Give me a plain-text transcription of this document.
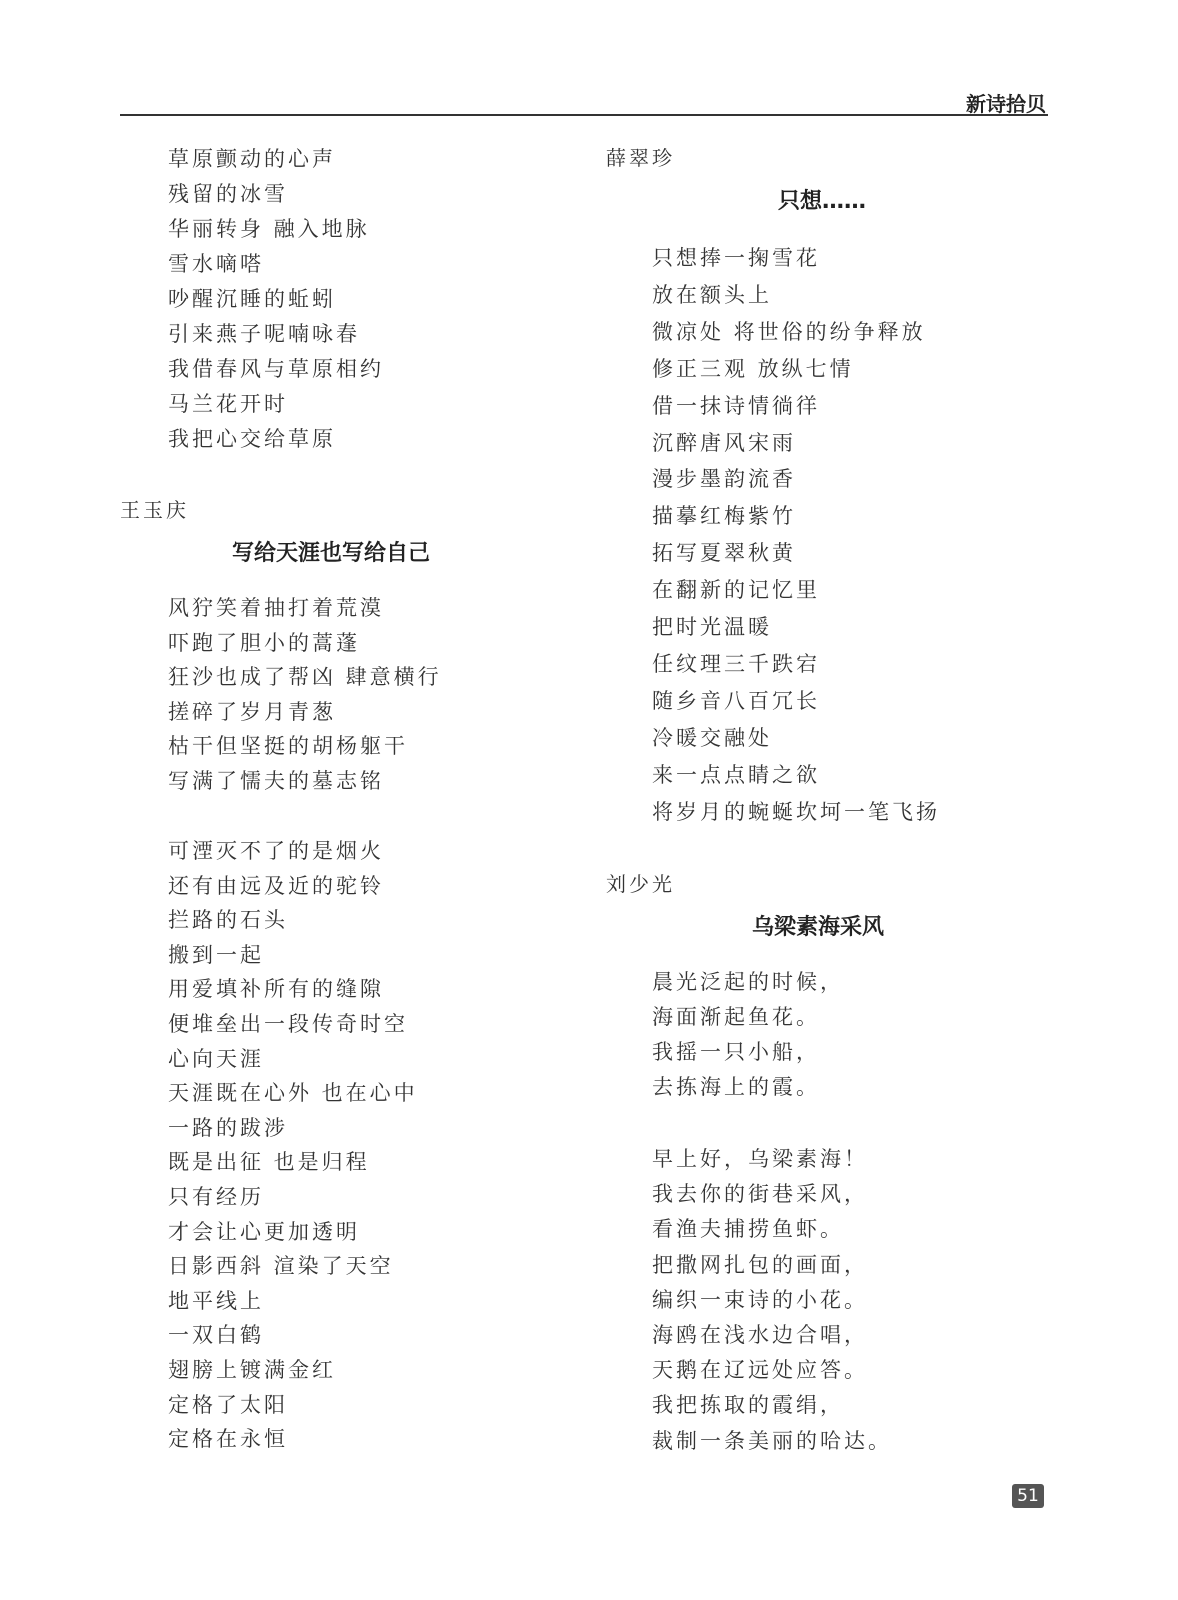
新诗拾贝
草原颤动的心声
残留的冰雪
华丽转身 融入地脉
雪水嘀嗒
吵醒沉睡的蚯蚓
引来燕子呢喃咏春
我借春风与草原相约
马兰花开时
我把心交给草原
王玉庆
写给天涯也写给自己
风狞笑着抽打着荒漠
吓跑了胆小的蒿蓬
狂沙也成了帮凶 肆意横行
搓碎了岁月青葱
枯干但坚挺的胡杨躯干
写满了懦夫的墓志铭
可湮灭不了的是烟火
还有由远及近的驼铃
拦路的石头
搬到一起
用爱填补所有的缝隙
便堆垒出一段传奇时空
心向天涯
天涯既在心外 也在心中
一路的跋涉
既是出征 也是归程
只有经历
才会让心更加透明
日影西斜 渲染了天空
地平线上
一双白鹤
翅膀上镀满金红
定格了太阳
定格在永恒
薛翠珍
只想……
只想捧一掬雪花
放在额头上
微凉处 将世俗的纷争释放
修正三观 放纵七情
借一抹诗情徜徉
沉醉唐风宋雨
漫步墨韵流香
描摹红梅紫竹
拓写夏翠秋黄
在翻新的记忆里
把时光温暖
任纹理三千跌宕
随乡音八百冗长
冷暖交融处
来一点点睛之欲
将岁月的蜿蜒坎坷一笔飞扬
刘少光
乌梁素海采风
晨光泛起的时候，
海面渐起鱼花。
我摇一只小船，
去拣海上的霞。
早上好，乌梁素海！
我去你的街巷采风，
看渔夫捕捞鱼虾。
把撒网扎包的画面，
编织一束诗的小花。
海鸥在浅水边合唱，
天鹅在辽远处应答。
我把拣取的霞绢，
裁制一条美丽的哈达。
51
